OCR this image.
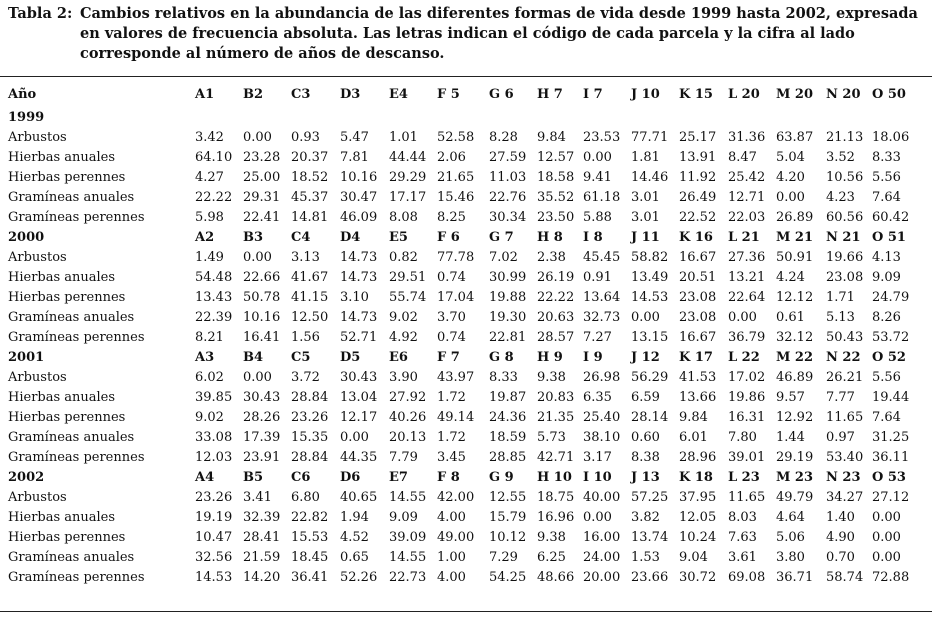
Tabla 2: Cambios relativos en la abundancia de las diferentes formas de vida desde 1999 hasta 2002, expresada en valores de frecuencia absoluta. Las letras indican el código de cada parcela y la cifra al lado corresponde al número de años de descanso.
Año	A1	B2	C3	D3	E4	F 5	G 6	H 7	I 7	J 10	K 15	L 20	M 20	N 20	O 50
1999															
Arbustos	3.42	0.00	0.93	5.47	1.01	52.58	8.28	9.84	23.53	77.71	25.17	31.36	63.87	21.13	18.06
Hierbas anuales	64.10	23.28	20.37	7.81	44.44	2.06	27.59	12.57	0.00	1.81	13.91	8.47	5.04	3.52	8.33
Hierbas perennes	4.27	25.00	18.52	10.16	29.29	21.65	11.03	18.58	9.41	14.46	11.92	25.42	4.20	10.56	5.56
Gramíneas anuales	22.22	29.31	45.37	30.47	17.17	15.46	22.76	35.52	61.18	3.01	26.49	12.71	0.00	4.23	7.64
Gramíneas perennes	5.98	22.41	14.81	46.09	8.08	8.25	30.34	23.50	5.88	3.01	22.52	22.03	26.89	60.56	60.42
2000	A2	B3	C4	D4	E5	F 6	G 7	H 8	I 8	J 11	K 16	L 21	M 21	N 21	O 51
Arbustos	1.49	0.00	3.13	14.73	0.82	77.78	7.02	2.38	45.45	58.82	16.67	27.36	50.91	19.66	4.13
Hierbas anuales	54.48	22.66	41.67	14.73	29.51	0.74	30.99	26.19	0.91	13.49	20.51	13.21	4.24	23.08	9.09
Hierbas perennes	13.43	50.78	41.15	3.10	55.74	17.04	19.88	22.22	13.64	14.53	23.08	22.64	12.12	1.71	24.79
Gramíneas anuales	22.39	10.16	12.50	14.73	9.02	3.70	19.30	20.63	32.73	0.00	23.08	0.00	0.61	5.13	8.26
Gramíneas perennes	8.21	16.41	1.56	52.71	4.92	0.74	22.81	28.57	7.27	13.15	16.67	36.79	32.12	50.43	53.72
2001	A3	B4	C5	D5	E6	F 7	G 8	H 9	I 9	J 12	K 17	L 22	M 22	N 22	O 52
Arbustos	6.02	0.00	3.72	30.43	3.90	43.97	8.33	9.38	26.98	56.29	41.53	17.02	46.89	26.21	5.56
Hierbas anuales	39.85	30.43	28.84	13.04	27.92	1.72	19.87	20.83	6.35	6.59	13.66	19.86	9.57	7.77	19.44
Hierbas perennes	9.02	28.26	23.26	12.17	40.26	49.14	24.36	21.35	25.40	28.14	9.84	16.31	12.92	11.65	7.64
Gramíneas anuales	33.08	17.39	15.35	0.00	20.13	1.72	18.59	5.73	38.10	0.60	6.01	7.80	1.44	0.97	31.25
Gramíneas perennes	12.03	23.91	28.84	44.35	7.79	3.45	28.85	42.71	3.17	8.38	28.96	39.01	29.19	53.40	36.11
2002	A4	B5	C6	D6	E7	F 8	G 9	H 10	I 10	J 13	K 18	L 23	M 23	N 23	O 53
Arbustos	23.26	3.41	6.80	40.65	14.55	42.00	12.55	18.75	40.00	57.25	37.95	11.65	49.79	34.27	27.12
Hierbas anuales	19.19	32.39	22.82	1.94	9.09	4.00	15.79	16.96	0.00	3.82	12.05	8.03	4.64	1.40	0.00
Hierbas perennes	10.47	28.41	15.53	4.52	39.09	49.00	10.12	9.38	16.00	13.74	10.24	7.63	5.06	4.90	0.00
Gramíneas anuales	32.56	21.59	18.45	0.65	14.55	1.00	7.29	6.25	24.00	1.53	9.04	3.61	3.80	0.70	0.00
Gramíneas perennes	14.53	14.20	36.41	52.26	22.73	4.00	54.25	48.66	20.00	23.66	30.72	69.08	36.71	58.74	72.88
